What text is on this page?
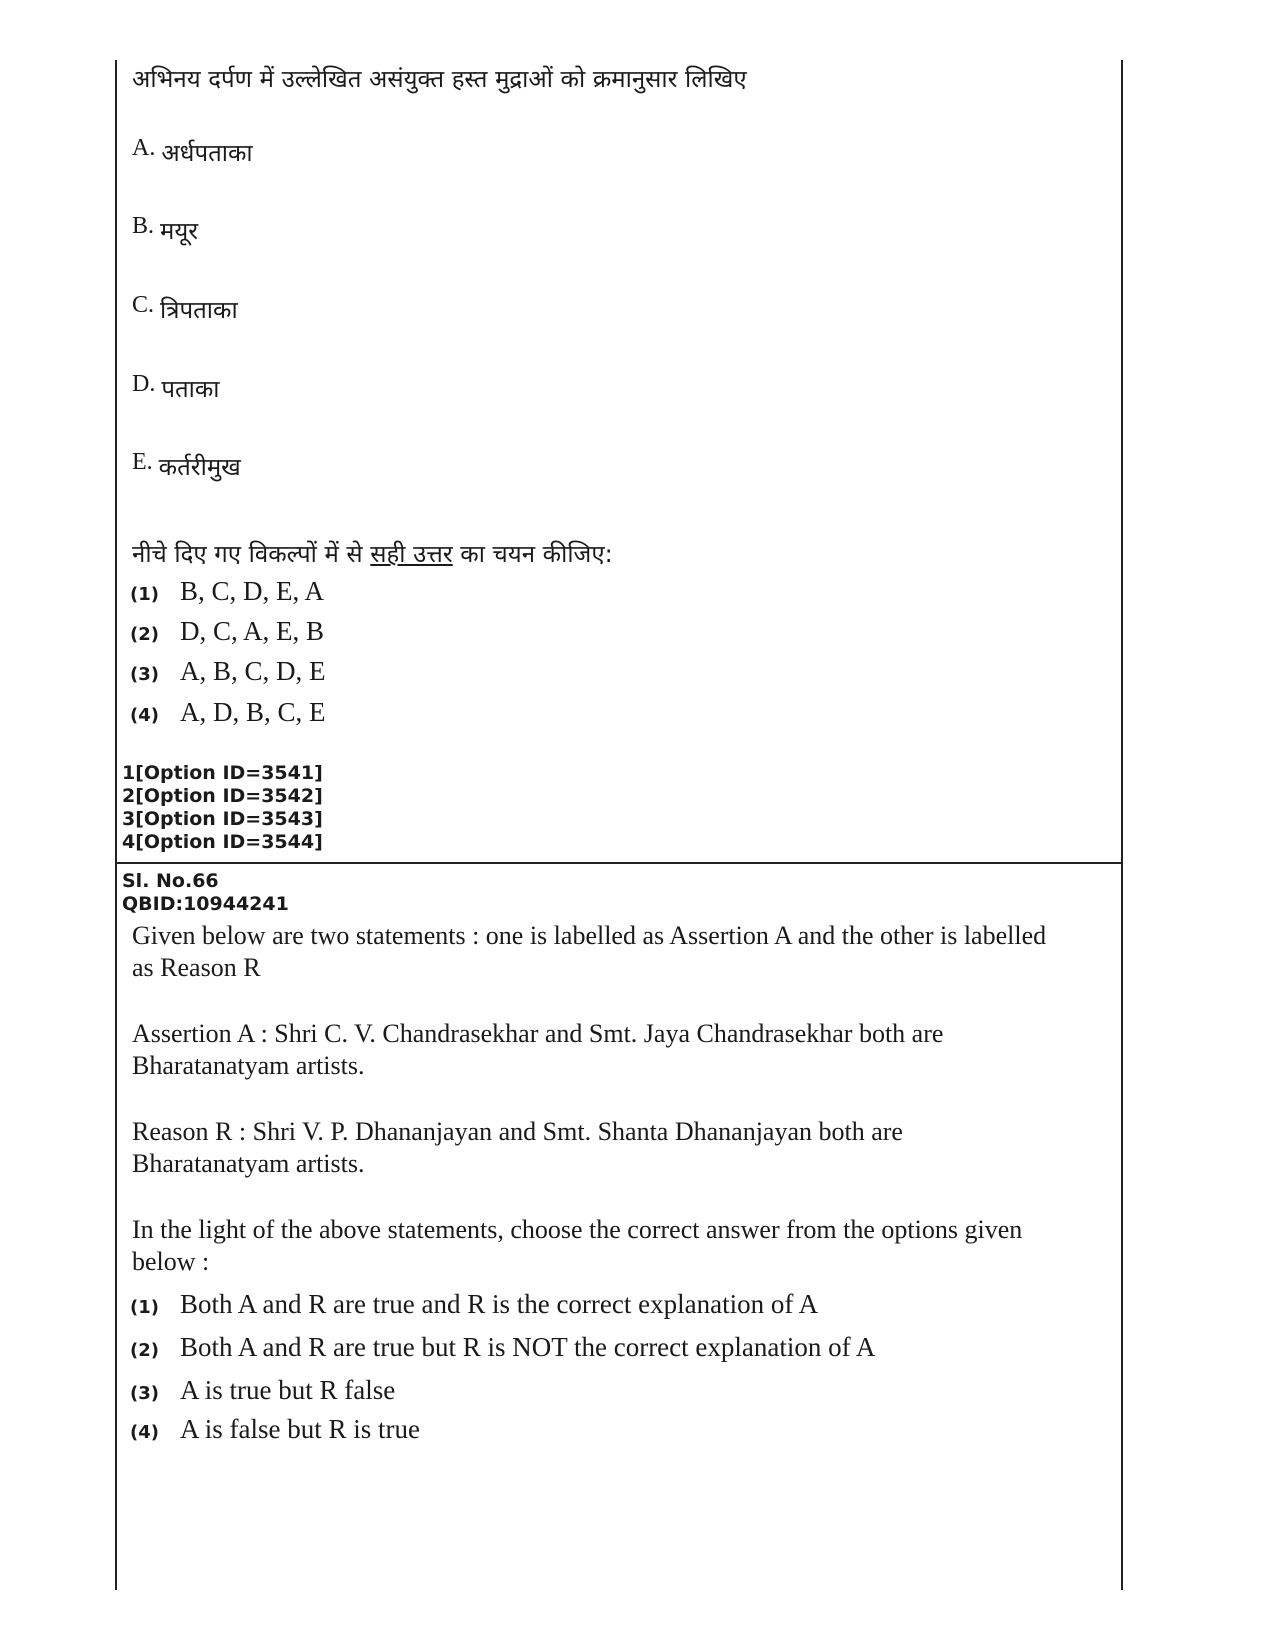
अभिनय दर्पण में उल्लेखित असंयुक्त हस्त मुद्राओं को क्रमानुसार लिखिए
A. अर्धपताका
B. मयूर
C. त्रिपताका
D. पताका
E. कर्तरीमुख
नीचे दिए गए विकल्पों में से सही उत्तर का चयन कीजिए:
(1) B, C, D, E, A
(2) D, C, A, E, B
(3) A, B, C, D, E
(4) A, D, B, C, E
1[Option ID=3541]
2[Option ID=3542]
3[Option ID=3543]
4[Option ID=3544]
Sl. No.66
QBID:10944241
Given below are two statements : one is labelled as Assertion A and the other is labelled as Reason R
Assertion A : Shri C. V. Chandrasekhar and Smt. Jaya Chandrasekhar both are Bharatanatyam artists.
Reason R : Shri V. P. Dhananjayan and Smt. Shanta Dhananjayan both are Bharatanatyam artists.
In the light of the above statements, choose the correct answer from the options given below :
(1) Both A and R are true and R is the correct explanation of A
(2) Both A and R are true but R is NOT the correct explanation of A
(3) A is true but R false
(4) A is false but R is true
